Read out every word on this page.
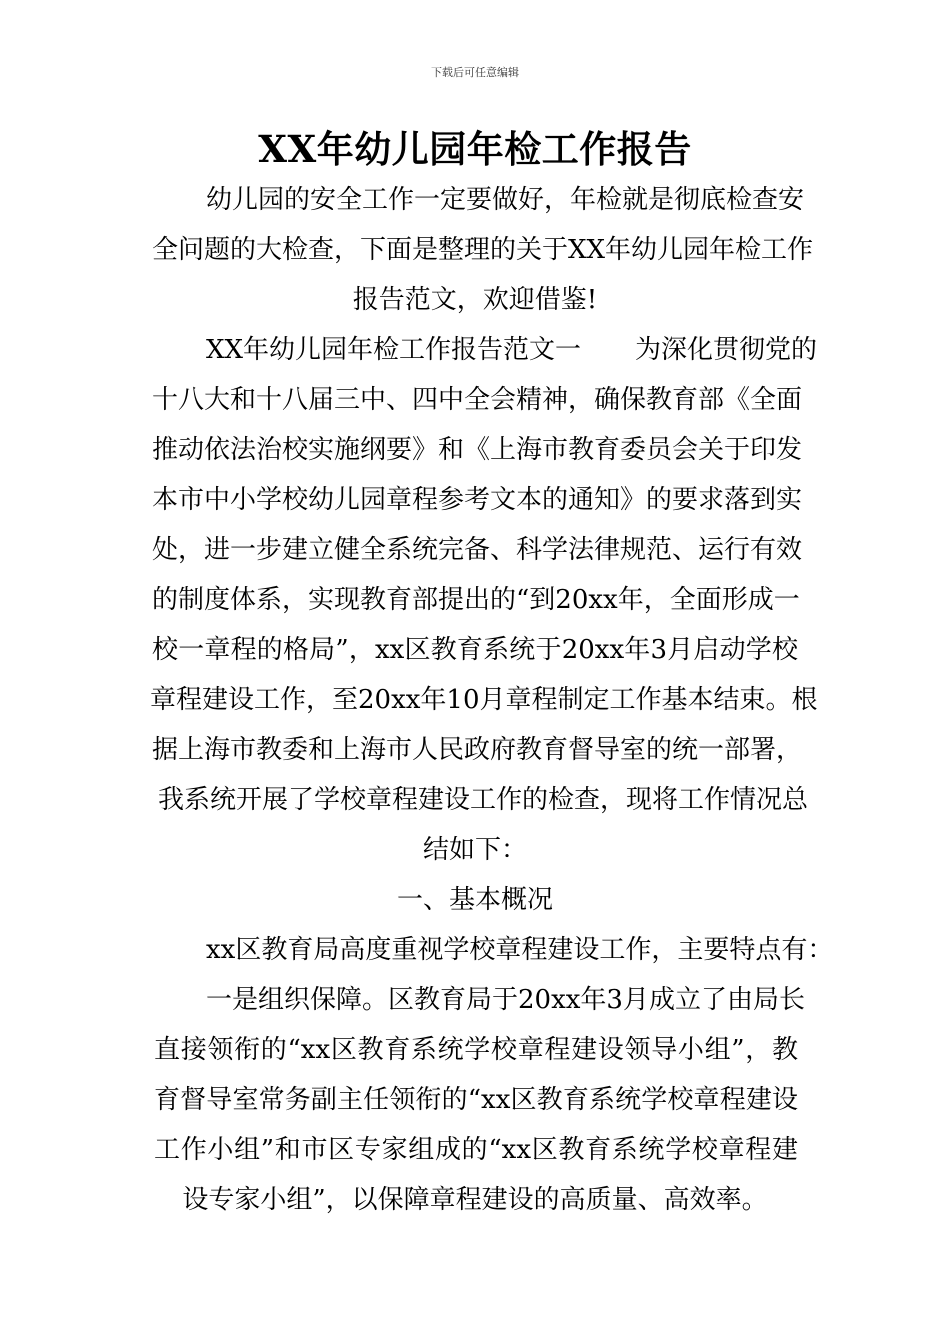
下载后可任意编辑
XX年幼儿园年检工作报告
幼儿园的安全工作一定要做好，年检就是彻底检查安
全问题的大检查，下面是整理的关于XX年幼儿园年检工作
报告范文，欢迎借鉴!
XX年幼儿园年检工作报告范文一 为深化贯彻党的
十八大和十八届三中、四中全会精神，确保教育部《全面
推动依法治校实施纲要》和《上海市教育委员会关于印发
本市中小学校幼儿园章程参考文本的通知》的要求落到实
处，进一步建立健全系统完备、科学法律规范、运行有效
的制度体系，实现教育部提出的“到20xx年，全面形成一
校一章程的格局”，xx区教育系统于20xx年3月启动学校
章程建设工作，至20xx年10月章程制定工作基本结束。根
据上海市教委和上海市人民政府教育督导室的统一部署，
我系统开展了学校章程建设工作的检查，现将工作情况总
结如下：
一、基本概况
xx区教育局高度重视学校章程建设工作，主要特点有：
一是组织保障。区教育局于20xx年3月成立了由局长
直接领衔的“xx区教育系统学校章程建设领导小组”，教
育督导室常务副主任领衔的“xx区教育系统学校章程建设
工作小组”和市区专家组成的“xx区教育系统学校章程建
设专家小组”，以保障章程建设的高质量、高效率。
